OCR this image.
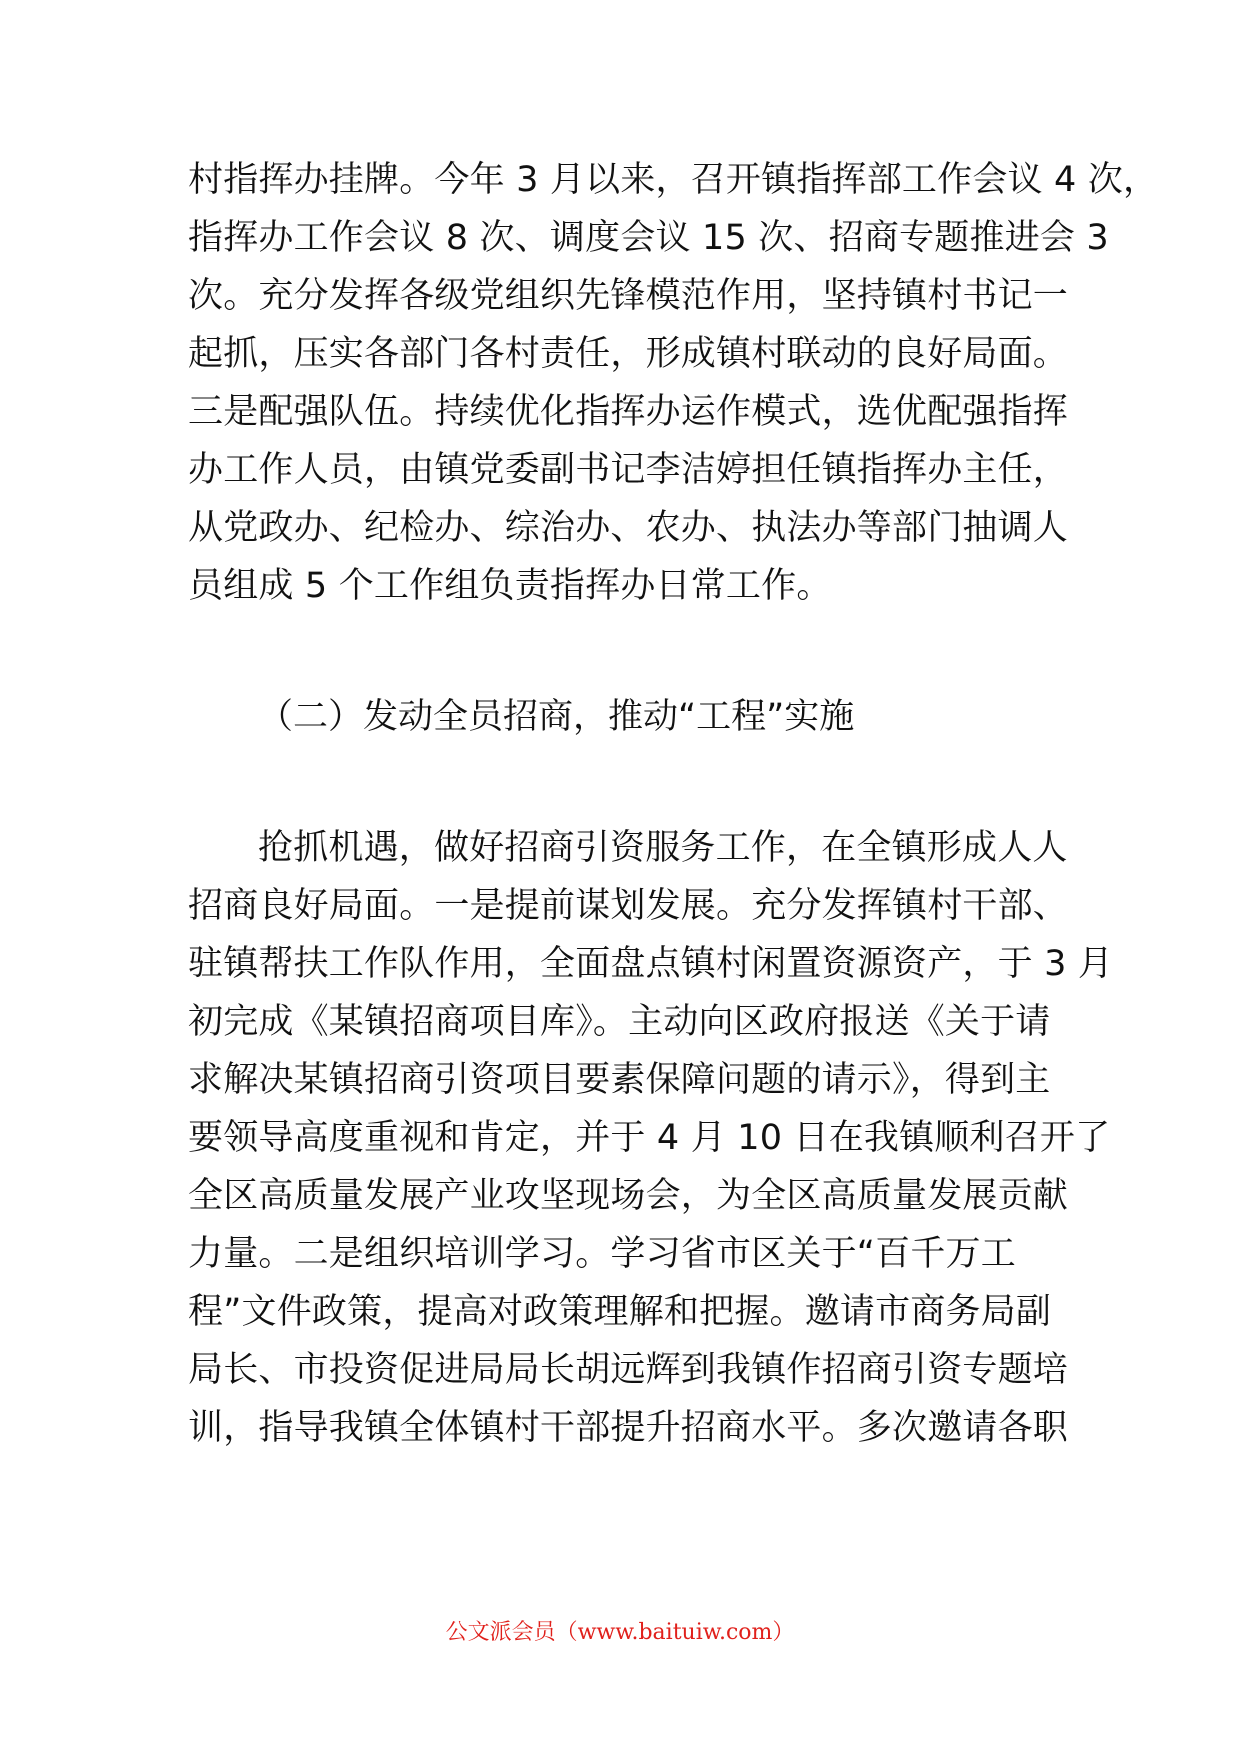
村指挥办挂牌。今年 3 月以来，召开镇指挥部工作会议 4 次，
指挥办工作会议 8 次、调度会议 15 次、招商专题推进会 3
次。充分发挥各级党组织先锋模范作用，坚持镇村书记一
起抓，压实各部门各村责任，形成镇村联动的良好局面。
三是配强队伍。持续优化指挥办运作模式，选优配强指挥
办工作人员，由镇党委副书记李洁婷担任镇指挥办主任，
从党政办、纪检办、综治办、农办、执法办等部门抽调人
员组成 5 个工作组负责指挥办日常工作。
（二）发动全员招商，推动“工程”实施
抢抓机遇，做好招商引资服务工作，在全镇形成人人
招商良好局面。一是提前谋划发展。充分发挥镇村干部、
驻镇帮扶工作队作用，全面盘点镇村闲置资源资产，于 3 月
初完成《某镇招商项目库》。主动向区政府报送《关于请
求解决某镇招商引资项目要素保障问题的请示》，得到主
要领导高度重视和肯定，并于 4 月 10 日在我镇顺利召开了
全区高质量发展产业攻坚现场会，为全区高质量发展贡献
力量。二是组织培训学习。学习省市区关于“百千万工
程”文件政策，提高对政策理解和把握。邀请市商务局副
局长、市投资促进局局长胡远辉到我镇作招商引资专题培
训，指导我镇全体镇村干部提升招商水平。多次邀请各职
公文派会员（www.baituiw.com）
